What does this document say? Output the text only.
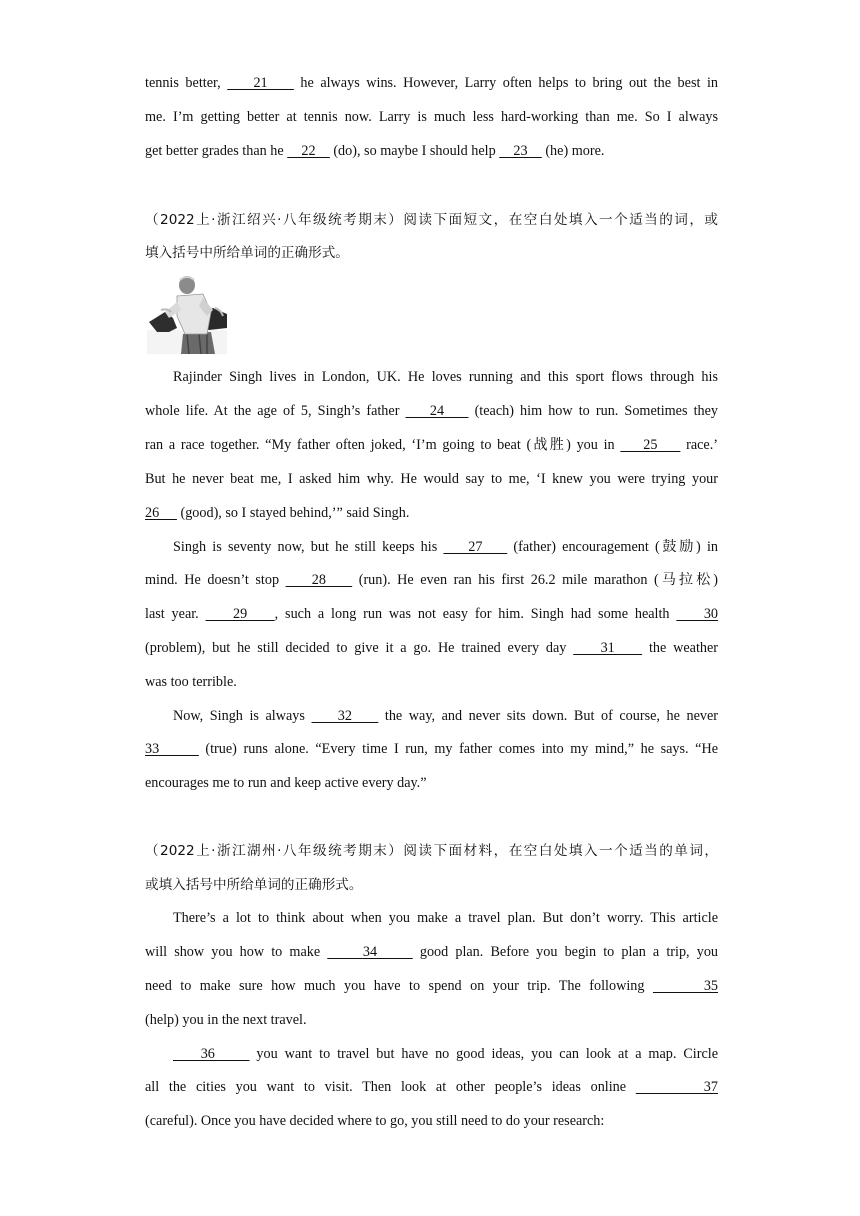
tennis better,     21     he always wins. However, Larry often helps to bring out the best in
me. I’m getting better at tennis now. Larry is much less hard-working than me. So I always
get better grades than he     22     (do), so maybe I should help     23     (he) more.
（2022上·浙江绍兴·八年级统考期末）阅读下面短文，在空白处填入一个适当的词，或
填入括号中所给单词的正确形式。
Rajinder Singh lives in London, UK. He loves running and this sport flows through his
whole life. At the age of 5, Singh’s father     24     (teach) him how to run. Sometimes they
ran a race together. “My father often joked, ‘I’m going to beat (战胜) you in     25     race.’
But he never beat me, I asked him why. He would say to me, ‘I knew you were trying your
26      (good), so I stayed behind,’” said Singh.
Singh is seventy now, but he still keeps his     27     (father) encouragement (鼓励) in
mind. He doesn’t stop     28     (run). He even ran his first 26.2 mile marathon (马拉松)
last year.     29    , such a long run was not easy for him. Singh had some health     30
(problem), but he still decided to give it a go. He trained every day     31     the weather
was too terrible.
Now, Singh is always     32     the way, and never sits down. But of course, he never
33       (true) runs alone. “Every time I run, my father comes into my mind,” he says. “He
encourages me to run and keep active every day.”
（2022上·浙江湖州·八年级统考期末）阅读下面材料，在空白处填入一个适当的单词，
或填入括号中所给单词的正确形式。
There’s a lot to think about when you make a travel plan. But don’t worry. This article
will show you how to make      34      good plan. Before you begin to plan a trip, you
need to make sure how much you have to spend on your trip. The following       35
(help) you in the next travel.
36      you want to travel but have no good ideas, you can look at a map. Circle
all the cities you want to visit. Then look at other people’s ideas online        37
(careful). Once you have decided where to go, you still need to do your research:
